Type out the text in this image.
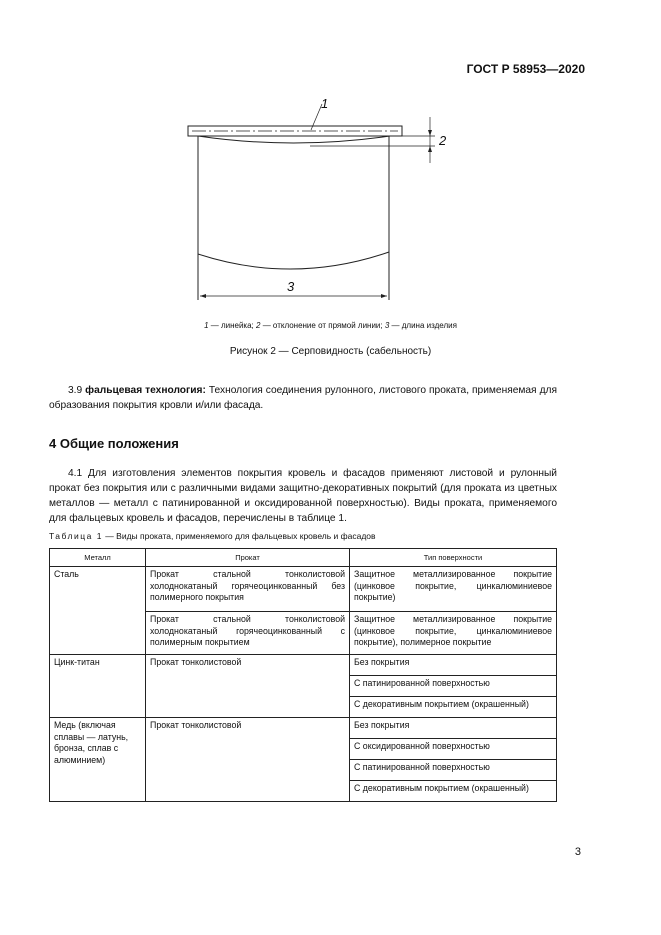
ГОСТ Р 58953—2020
1
2
3
1 — линейка; 2 — отклонение от прямой линии; 3 — длина изделия
Рисунок 2 — Серповидность (сабельность)
3.9 фальцевая технология: Технология соединения рулонного, листового проката, применяемая для образования покрытия кровли и/или фасада.
4 Общие положения
4.1 Для изготовления элементов покрытия кровель и фасадов применяют листовой и рулонный прокат без покрытия или с различными видами защитно-декоративных покрытий (для проката из цветных металлов — металл с патинированной и оксидированной поверхностью). Виды проката, применяемого для фальцевых кровель и фасадов, перечислены в таблице 1.
Таблица 1 — Виды проката, применяемого для фальцевых кровель и фасадов
Металл	Прокат	Тип поверхности
Сталь	Прокат стальной тонколистовой холоднокатаный горячеоцинкованный без полимерного покрытия	Защитное металлизированное покрытие (цинковое покрытие, цинкалюминиевое покрытие)
	Прокат стальной тонколистовой холоднокатаный горячеоцинкованный с полимерным покрытием	Защитное металлизированное покрытие (цинковое покрытие, цинкалюминиевое покрытие), полимерное покрытие
Цинк-титан	Прокат тонколистовой	Без покрытия
		С патинированной поверхностью
		С декоративным покрытием (окрашенный)
Медь (включая сплавы — латунь, бронза, сплав с алюминием)	Прокат тонколистовой	Без покрытия
		С оксидированной поверхностью
		С патинированной поверхностью
		С декоративным покрытием (окрашенный)
3
